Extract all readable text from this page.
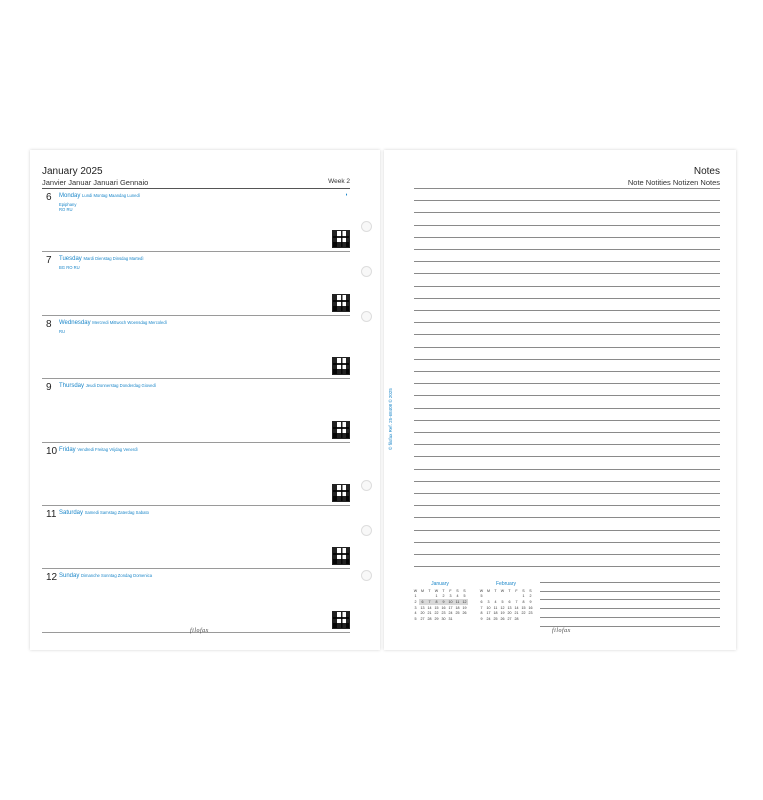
January 2025
Janvier Januar Januari Gennaio	Week 2
6 Monday Lundi Montag Maandag Lunedì
Epiphany
RO RU
◗
7 Tuesday Mardi Dienstag Dinsdag Martedì
BG RO RU
8 Wednesday Mercredi Mittwoch Woensdag Mercoledì
RU
9 Thursday Jeudi Donnerstag Donderdag Giovedì
10 Friday Vendredi Freitag Vrijdag Venerdì
11 Saturday Samedi Samstag Zaterdag Sabato
12 Sunday Dimanche Sonntag Zondag Domenica
filofax
Notes
Note Notities Notizen Notes
© filofax Ref. 25-68408 © 2025
January
W	M	T	W	T	F	S	S
1			1	2	3	4	5
2	6	7	8	9	10	11	12
3	13	14	15	16	17	18	19
4	20	21	22	23	24	25	26
5	27	28	29	30	31		
February
W	M	T	W	T	F	S	S
5						1	2
6	3	4	5	6	7	8	9
7	10	11	12	13	14	15	16
8	17	18	19	20	21	22	23
9	24	25	26	27	28		
filofax
